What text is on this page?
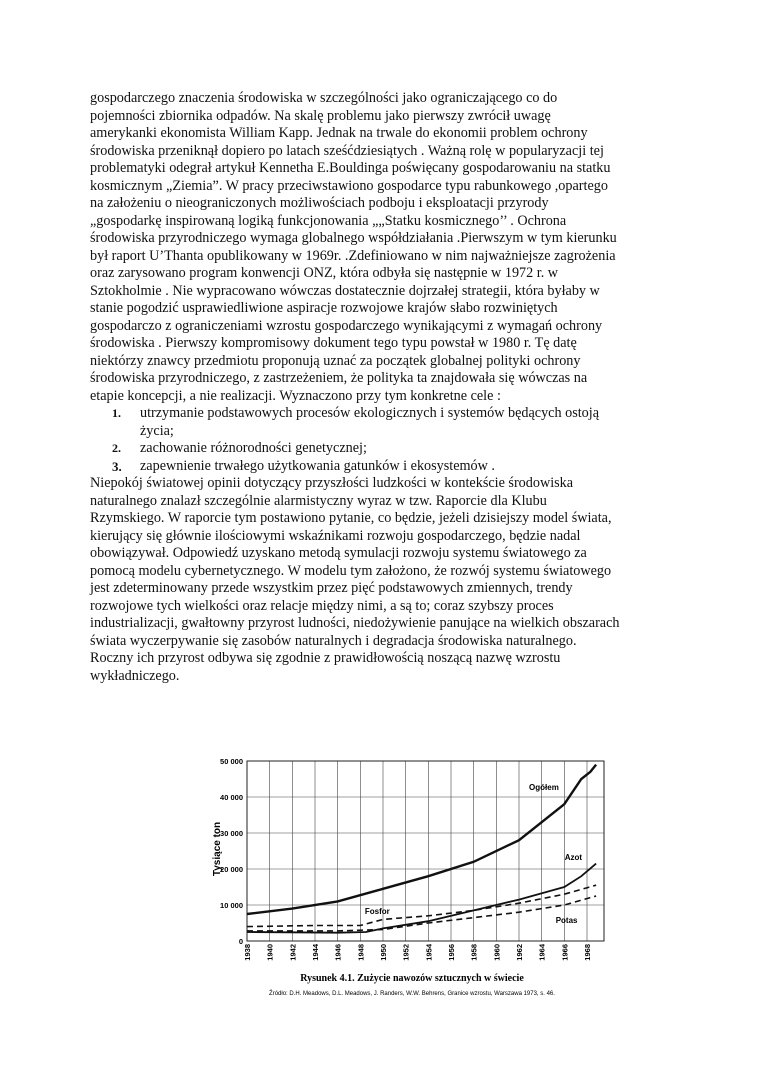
gospodarczego znaczenia środowiska w szczególności jako ograniczającego co do
pojemności zbiornika odpadów. Na skalę problemu jako pierwszy zwrócił uwagę
amerykanki ekonomista William Kapp. Jednak na trwale do ekonomii problem ochrony
środowiska przeniknął dopiero po latach sześćdziesiątych . Ważną rolę w popularyzacji tej
problematyki odegrał artykuł Kennetha E.Bouldinga poświęcany gospodarowaniu na statku
kosmicznym „Ziemia”. W pracy przeciwstawiono gospodarce typu rabunkowego ,opartego
na założeniu o nieograniczonych możliwościach podboju i eksploatacji przyrody
„gospodarkę inspirowaną logiką funkcjonowania „„Statku kosmicznego’’ . Ochrona
środowiska przyrodniczego wymaga globalnego współdziałania .Pierwszym w tym kierunku
był raport U’Thanta opublikowany w 1969r. .Zdefiniowano w nim najważniejsze zagrożenia
oraz zarysowano program konwencji ONZ, która odbyła się następnie w 1972 r. w
Sztokholmie . Nie wypracowano wówczas dostatecznie dojrzałej strategii, która byłaby w
stanie pogodzić usprawiedliwione aspiracje rozwojowe krajów słabo rozwiniętych
gospodarczo z ograniczeniami wzrostu gospodarczego wynikającymi z wymagań ochrony
środowiska . Pierwszy kompromisowy dokument tego typu powstał w 1980 r. Tę datę
niektórzy znawcy przedmiotu proponują uznać za początek globalnej polityki ochrony
środowiska przyrodniczego, z zastrzeżeniem, że polityka ta znajdowała się wówczas na
etapie koncepcji, a nie realizacji. Wyznaczono przy tym konkretne cele :
1. utrzymanie podstawowych procesów ekologicznych i systemów będących ostoją
życia;
2. zachowanie różnorodności genetycznej;
3. zapewnienie trwałego użytkowania gatunków i ekosystemów .
Niepokój światowej opinii dotyczący przyszłości ludzkości w kontekście środowiska
naturalnego znalazł szczególnie alarmistyczny wyraz w tzw. Raporcie dla Klubu
Rzymskiego. W raporcie tym postawiono pytanie, co będzie, jeżeli dzisiejszy model świata,
kierujący się głównie ilościowymi wskaźnikami rozwoju gospodarczego, będzie nadal
obowiązywał. Odpowiedź uzyskano metodą symulacji rozwoju systemu światowego za
pomocą modelu cybernetycznego. W modelu tym założono, że rozwój systemu światowego
jest zdeterminowany przede wszystkim przez pięć podstawowych zmiennych, trendy
rozwojowe tych wielkości oraz relacje między nimi, a są to; coraz szybszy proces
industrializacji, gwałtowny przyrost ludności, niedożywienie panujące na wielkich obszarach
świata wyczerpywanie się zasobów naturalnych i degradacja środowiska naturalnego.
Roczny ich przyrost odbywa się zgodnie z prawidłowością noszącą nazwę wzrostu
wykładniczego.
1938 1940 1942 1944 1946 1948 1950 1952 1954 1956 1958 1960 1962 1964 1966 1968
0
10 000
20 000
30 000
40 000
50 000
Ogółem
Azot
Fosfor
Potas
Tysiące ton
Rysunek 4.1. Zużycie nawozów sztucznych w świecie
Źródło: D.H. Meadows, D.L. Meadows, J. Randers, W.W. Behrens, Granice wzrostu, Warszawa 1973, s. 46.
